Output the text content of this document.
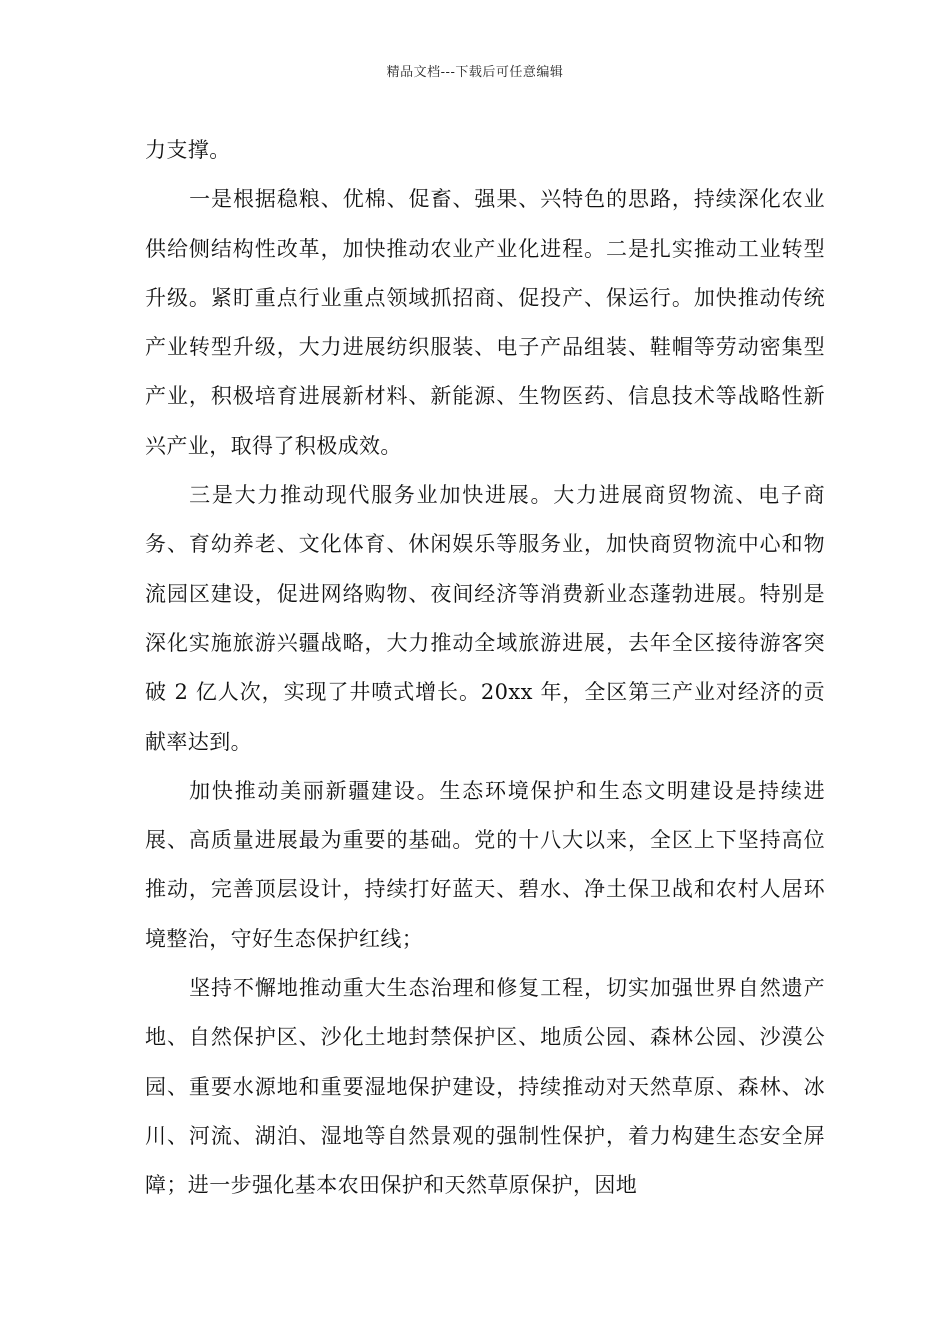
精品文档---下载后可任意编辑

力支撑。

一是根据稳粮、优棉、促畜、强果、兴特色的思路，持续深化农业供给侧结构性改革，加快推动农业产业化进程。二是扎实推动工业转型升级。紧盯重点行业重点领域抓招商、促投产、保运行。加快推动传统产业转型升级，大力进展纺织服装、电子产品组装、鞋帽等劳动密集型产业，积极培育进展新材料、新能源、生物医药、信息技术等战略性新兴产业，取得了积极成效。

三是大力推动现代服务业加快进展。大力进展商贸物流、电子商务、育幼养老、文化体育、休闲娱乐等服务业，加快商贸物流中心和物流园区建设，促进网络购物、夜间经济等消费新业态蓬勃进展。特别是深化实施旅游兴疆战略，大力推动全域旅游进展，去年全区接待游客突破 2 亿人次，实现了井喷式增长。20xx 年，全区第三产业对经济的贡献率达到。

加快推动美丽新疆建设。生态环境保护和生态文明建设是持续进展、高质量进展最为重要的基础。党的十八大以来，全区上下坚持高位推动，完善顶层设计，持续打好蓝天、碧水、净土保卫战和农村人居环境整治，守好生态保护红线；

坚持不懈地推动重大生态治理和修复工程，切实加强世界自然遗产地、自然保护区、沙化土地封禁保护区、地质公园、森林公园、沙漠公园、重要水源地和重要湿地保护建设，持续推动对天然草原、森林、冰川、河流、湖泊、湿地等自然景观的强制性保护，着力构建生态安全屏障；进一步强化基本农田保护和天然草原保护，因地
